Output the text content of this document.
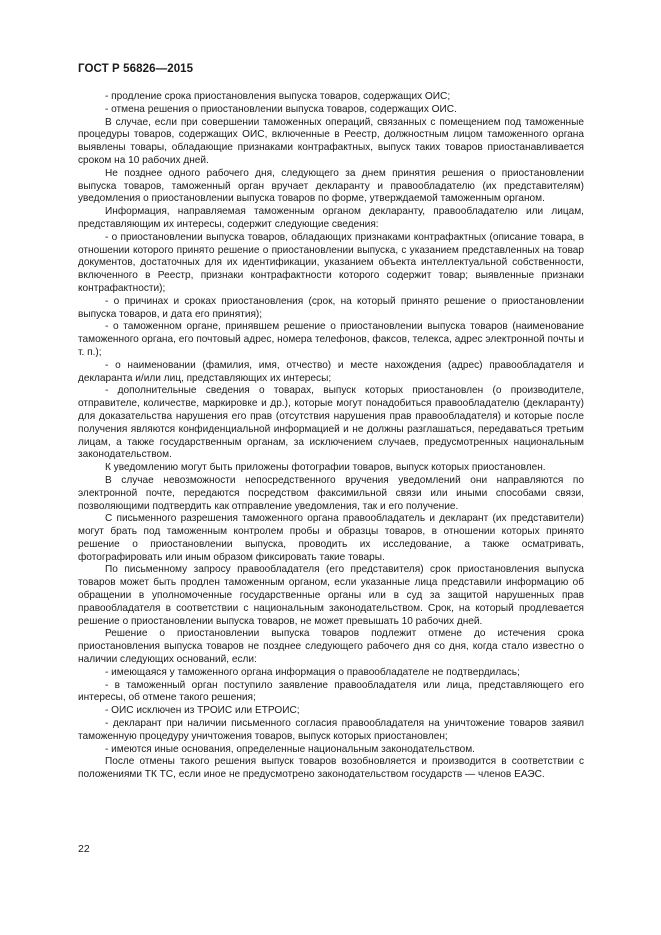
ГОСТ Р 56826—2015

- продление срока приостановления выпуска товаров, содержащих ОИС;

- отмена решения о приостановлении выпуска товаров, содержащих ОИС.

В случае, если при совершении таможенных операций, связанных с помещением под таможенные процедуры товаров, содержащих ОИС, включенные в Реестр, должностным лицом таможенного органа выявлены товары, обладающие признаками контрафактных, выпуск таких товаров приостанавливается сроком на 10 рабочих дней.

Не позднее одного рабочего дня, следующего за днем принятия решения о приостановлении выпуска товаров, таможенный орган вручает декларанту и правообладателю (их представителям) уведомления о приостановлении выпуска товаров по форме, утверждаемой таможенным органом.

Информация, направляемая таможенным органом декларанту, правообладателю или лицам, представляющим их интересы, содержит следующие сведения:

- о приостановлении выпуска товаров, обладающих признаками контрафактных (описание товара, в отношении которого принято решение о приостановлении выпуска, с указанием представленных на товар документов, достаточных для их идентификации, указанием объекта интеллектуальной собственности, включенного в Реестр, признаки контрафактности которого содержит товар; выявленные признаки контрафактности);

- о причинах и сроках приостановления (срок, на который принято решение о приостановлении выпуска товаров, и дата его принятия);

- о таможенном органе, принявшем решение о приостановлении выпуска товаров (наименование таможенного органа, его почтовый адрес, номера телефонов, факсов, телекса, адрес электронной почты и т. п.);

- о наименовании (фамилия, имя, отчество) и месте нахождения (адрес) правообладателя и декларанта и/или лиц, представляющих их интересы;

- дополнительные сведения о товарах, выпуск которых приостановлен (о производителе, отправителе, количестве, маркировке и др.), которые могут понадобиться правообладателю (декларанту) для доказательства нарушения его прав (отсутствия нарушения прав правообладателя) и которые после получения являются конфиденциальной информацией и не должны разглашаться, передаваться третьим лицам, а также государственным органам, за исключением случаев, предусмотренных национальным законодательством.

К уведомлению могут быть приложены фотографии товаров, выпуск которых приостановлен.

В случае невозможности непосредственного вручения уведомлений они направляются по электронной почте, передаются посредством факсимильной связи или иными способами связи, позволяющими подтвердить как отправление уведомления, так и его получение.

С письменного разрешения таможенного органа правообладатель и декларант (их представители) могут брать под таможенным контролем пробы и образцы товаров, в отношении которых принято решение о приостановлении выпуска, проводить их исследование, а также осматривать, фотографировать или иным образом фиксировать такие товары.

По письменному запросу правообладателя (его представителя) срок приостановления выпуска товаров может быть продлен таможенным органом, если указанные лица представили информацию об обращении в уполномоченные государственные органы или в суд за защитой нарушенных прав правообладателя в соответствии с национальным законодательством. Срок, на который продлевается решение о приостановлении выпуска товаров, не может превышать 10 рабочих дней.

Решение о приостановлении выпуска товаров подлежит отмене до истечения срока приостановления выпуска товаров не позднее следующего рабочего дня со дня, когда стало известно о наличии следующих оснований, если:

- имеющаяся у таможенного органа информация о правообладателе не подтвердилась;

- в таможенный орган поступило заявление правообладателя или лица, представляющего его интересы, об отмене такого решения;

- ОИС исключен из ТРОИС или ЕТРОИС;

- декларант при наличии письменного согласия правообладателя на уничтожение товаров заявил таможенную процедуру уничтожения товаров, выпуск которых приостановлен;

- имеются иные основания, определенные национальным законодательством.

После отмены такого решения выпуск товаров возобновляется и производится в соответствии с положениями ТК ТС, если иное не предусмотрено законодательством государств — членов ЕАЭС.

22
